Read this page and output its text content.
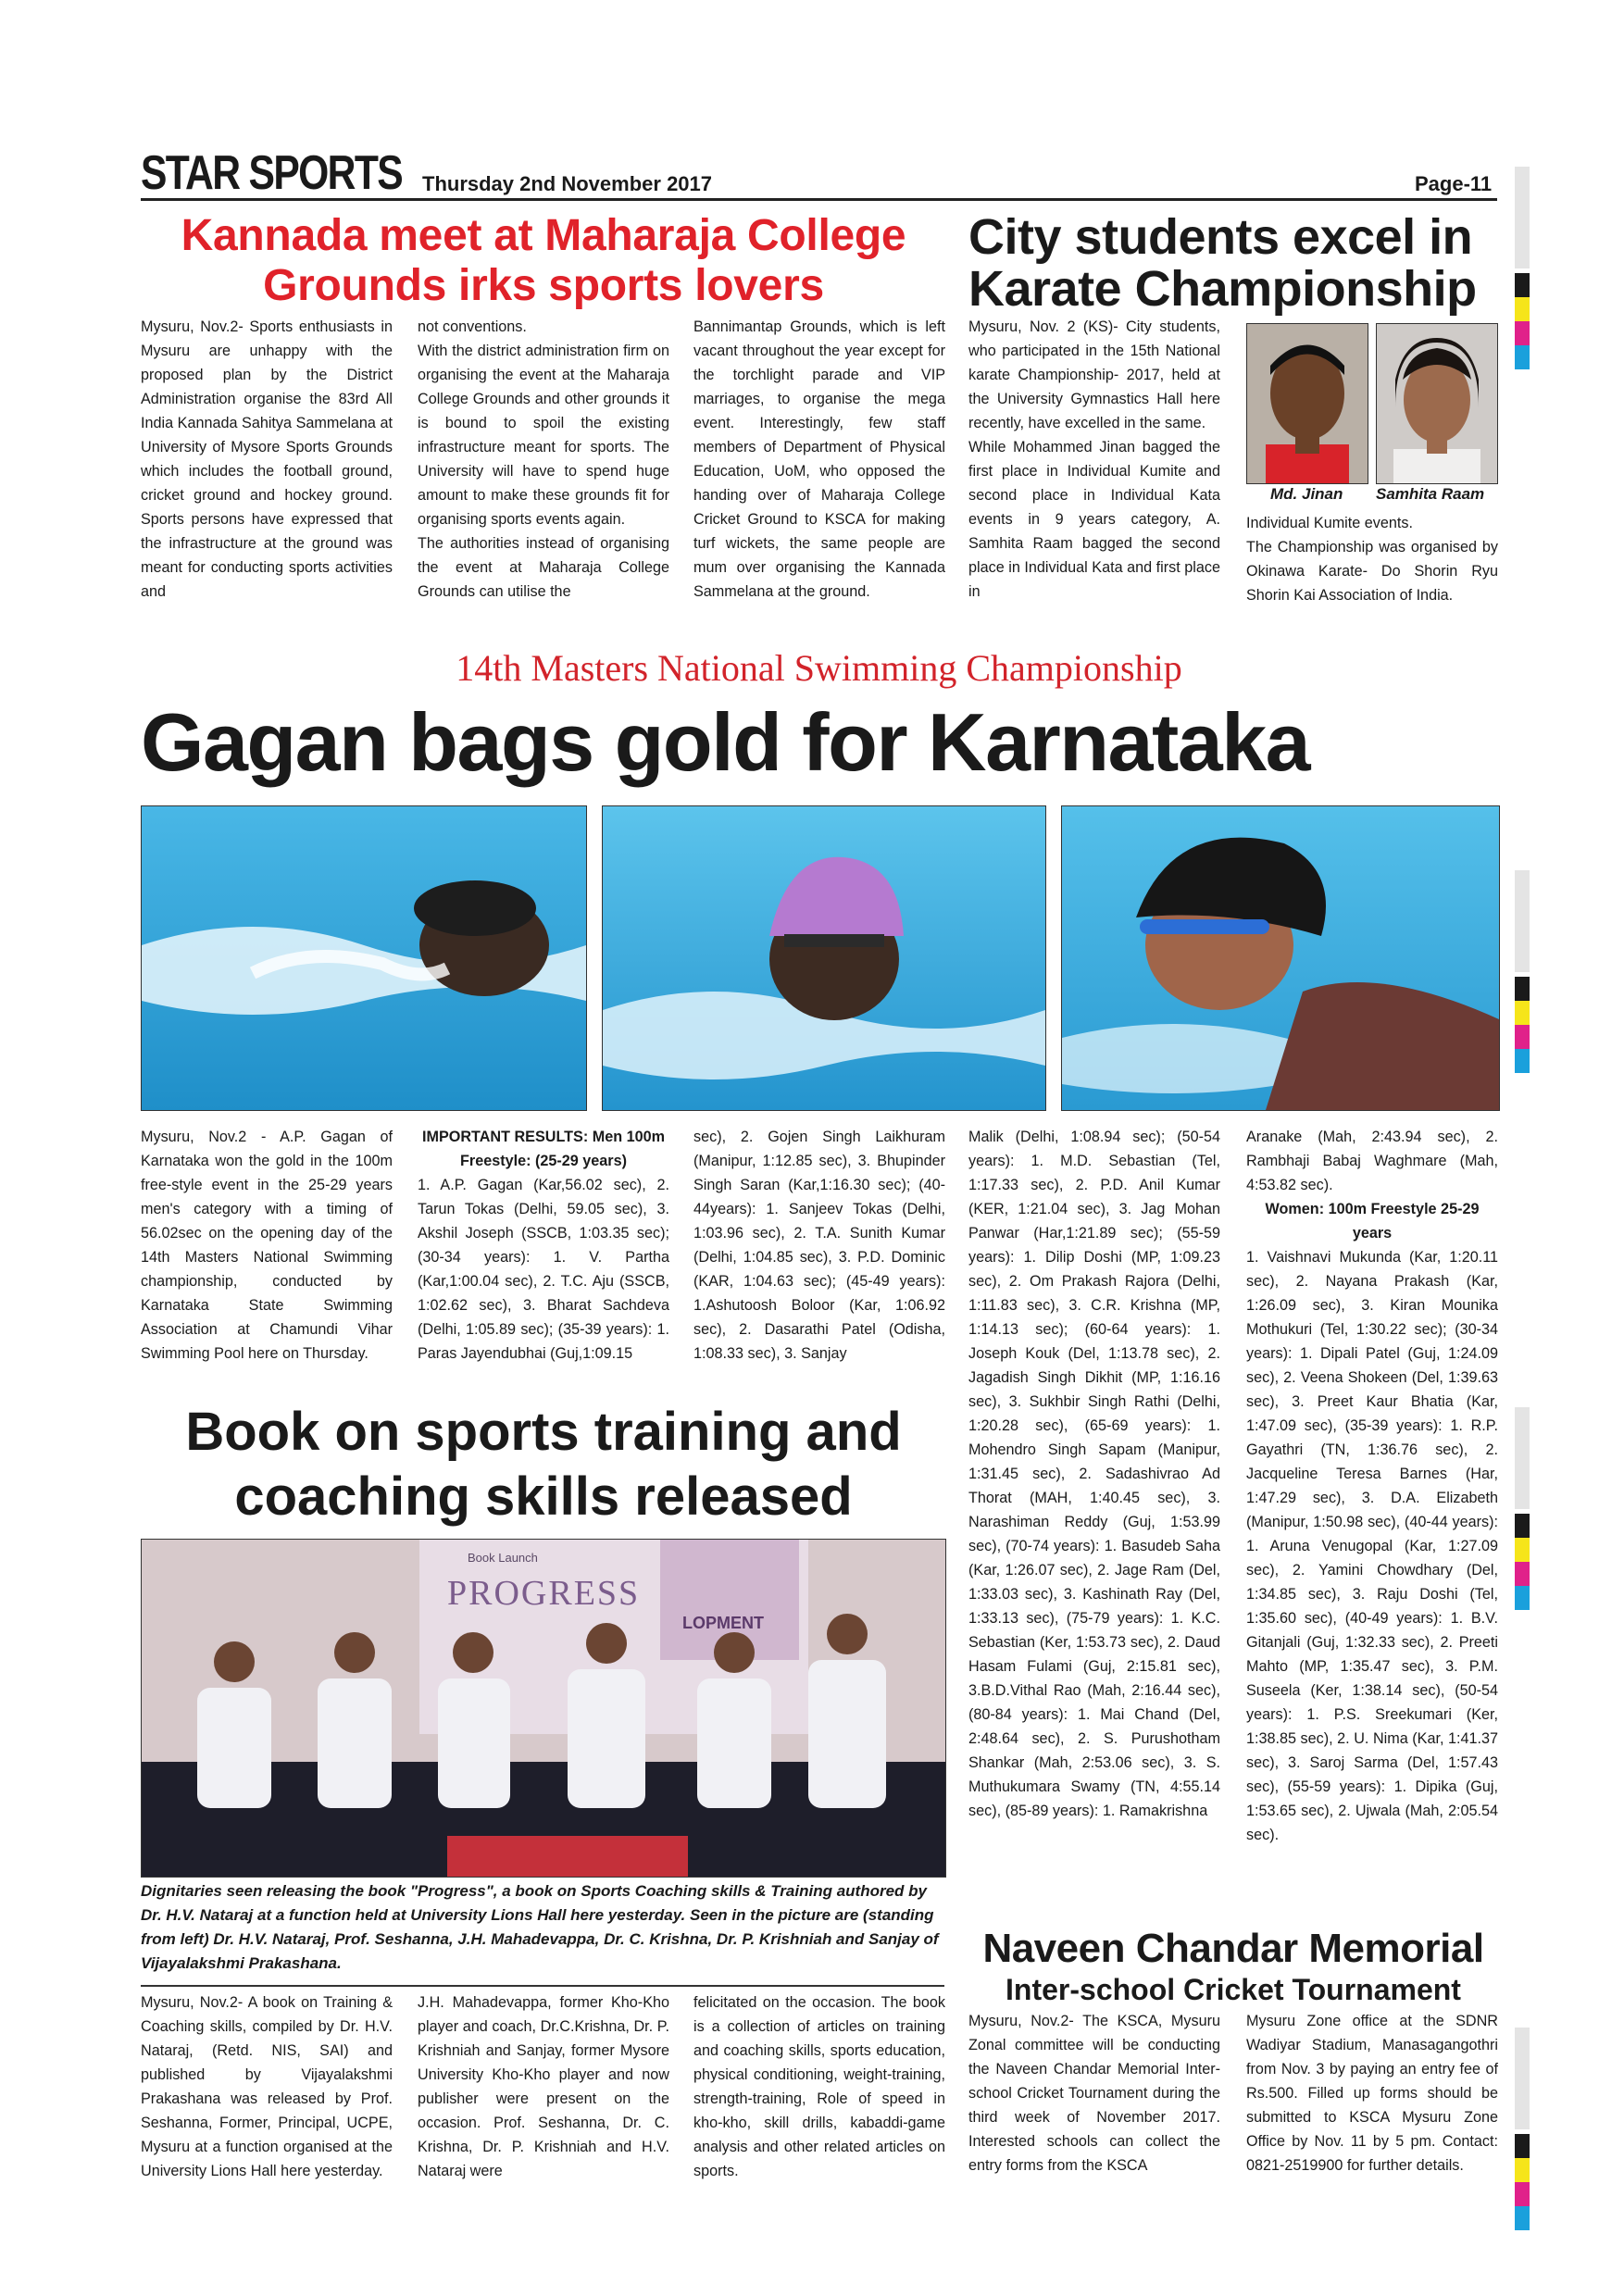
STAR SPORTS Thursday 2nd November 2017	Page-11

Kannada meet at Maharaja College

Grounds irks sports lovers

Mysuru, Nov.2- Sports enthusiasts in Mysuru are unhappy with the proposed plan by the District Administration organise the 83rd All India Kannada Sahitya Sammelana at University of Mysore Sports Grounds which includes the football ground, cricket ground and hockey ground. Sports persons have expressed that the infrastructure at the ground was meant for conducting sports activities and

not conventions.
With the district administration firm on organising the event at the Maharaja College Grounds and other grounds it is bound to spoil the existing infrastructure meant for sports. The University will have to spend huge amount to make these grounds fit for organising sports events again.
The authorities instead of organising the event at Maharaja College Grounds can utilise the

Bannimantap Grounds, which is left vacant throughout the year except for the torchlight parade and VIP marriages, to organise the mega event. Interestingly, few staff members of Department of Physical Education, UoM, who opposed the handing over of Maharaja College Cricket Ground to KSCA for making turf wickets, the same people are mum over organising the Kannada Sammelana at the ground.

City students excel in

Karate Championship

Mysuru, Nov. 2 (KS)- City students, who participated in the 15th National karate Championship- 2017, held at the University Gymnastics Hall here recently, have excelled in the same.
While Mohammed Jinan bagged the first place in Individual Kumite and second place in Individual Kata events in 9 years category, A. Samhita Raam bagged the second place in Individual Kata and first place in

Md. Jinan Samhita Raam

Individual Kumite events.
The Championship was organised by Okinawa Karate- Do Shorin Ryu Shorin Kai Association of India.

14th Masters National Swimming Championship
Gagan bags gold for Karnataka

Mysuru, Nov.2 - A.P. Gagan of Karnataka won the gold in the 100m free-style event in the 25-29 years men's category with a timing of 56.02sec on the opening day of the 14th Masters National Swimming championship, conducted by Karnataka State Swimming Association at Chamundi Vihar Swimming Pool here on Thursday.

IMPORTANT RESULTS: Men 100m Freestyle: (25-29 years)

1. A.P. Gagan (Kar,56.02 sec), 2. Tarun Tokas (Delhi, 59.05 sec), 3. Akshil Joseph (SSCB, 1:03.35 sec); (30-34 years): 1. V. Partha (Kar,1:00.04 sec), 2. T.C. Aju (SSCB, 1:02.62 sec), 3. Bharat Sachdeva (Delhi, 1:05.89 sec); (35-39 years): 1. Paras Jayendubhai (Guj,1:09.15

sec), 2. Gojen Singh Laikhuram (Manipur, 1:12.85 sec), 3. Bhupinder Singh Saran (Kar,1:16.30 sec); (40-44years): 1. Sanjeev Tokas (Delhi, 1:03.96 sec), 2. T.A. Sunith Kumar (Delhi, 1:04.85 sec), 3. P.D. Dominic (KAR, 1:04.63 sec); (45-49 years): 1.Ashutoosh Boloor (Kar, 1:06.92 sec), 2. Dasarathi Patel (Odisha, 1:08.33 sec), 3. Sanjay

Malik (Delhi, 1:08.94 sec); (50-54 years): 1. M.D. Sebastian (Tel, 1:17.33 sec), 2. P.D. Anil Kumar (KER, 1:21.04 sec), 3. Jag Mohan Panwar (Har,1:21.89 sec); (55-59 years): 1. Dilip Doshi (MP, 1:09.23 sec), 2. Om Prakash Rajora (Delhi, 1:11.83 sec), 3. C.R. Krishna (MP, 1:14.13 sec); (60-64 years): 1. Joseph Kouk (Del, 1:13.78 sec), 2. Jagadish Singh Dikhit (MP, 1:16.16 sec), 3. Sukhbir Singh Rathi (Delhi, 1:20.28 sec), (65-69 years): 1. Mohendro Singh Sapam (Manipur, 1:31.45 sec), 2. Sadashivrao Ad Thorat (MAH, 1:40.45 sec), 3. Narashiman Reddy (Guj, 1:53.99 sec), (70-74 years): 1. Basudeb Saha (Kar, 1:26.07 sec), 2. Jage Ram (Del, 1:33.03 sec), 3. Kashinath Ray (Del, 1:33.13 sec), (75-79 years): 1. K.C. Sebastian (Ker, 1:53.73 sec), 2. Daud Hasam Fulami (Guj, 2:15.81 sec), 3.B.D.Vithal Rao (Mah, 2:16.44 sec), (80-84 years): 1. Mai Chand (Del, 2:48.64 sec), 2. S. Purushotham Shankar (Mah, 2:53.06 sec), 3. S. Muthukumara Swamy (TN, 4:55.14 sec), (85-89 years): 1. Ramakrishna

Aranake (Mah, 2:43.94 sec), 2. Rambhaji Babaj Waghmare (Mah, 4:53.82 sec).

Women: 100m Freestyle 25-29 years

1. Vaishnavi Mukunda (Kar, 1:20.11 sec), 2. Nayana Prakash (Kar, 1:26.09 sec), 3. Kiran Mounika Mothukuri (Tel, 1:30.22 sec); (30-34 years): 1. Dipali Patel (Guj, 1:24.09 sec), 2. Veena Shokeen (Del, 1:39.63 sec), 3. Preet Kaur Bhatia (Kar, 1:47.09 sec), (35-39 years): 1. R.P. Gayathri (TN, 1:36.76 sec), 2. Jacqueline Teresa Barnes (Har, 1:47.29 sec), 3. D.A. Elizabeth (Manipur, 1:50.98 sec), (40-44 years): 1. Aruna Venugopal (Kar, 1:27.09 sec), 2. Yamini Chowdhary (Del, 1:34.85 sec), 3. Raju Doshi (Tel, 1:35.60 sec), (40-49 years): 1. B.V. Gitanjali (Guj, 1:32.33 sec), 2. Preeti Mahto (MP, 1:35.47 sec), 3. P.M. Suseela (Ker, 1:38.14 sec), (50-54 years): 1. P.S. Sreekumari (Ker, 1:38.85 sec), 2. U. Nima (Kar, 1:41.37 sec), 3. Saroj Sarma (Del, 1:57.43 sec), (55-59 years): 1. Dipika (Guj, 1:53.65 sec), 2. Ujwala (Mah, 2:05.54 sec).

Book on sports training and

coaching skills released

PROGRESS
Book Launch
LOPMENT

Dignitaries seen releasing the book "Progress", a book on Sports Coaching skills & Training authored by Dr. H.V. Nataraj at a function held at University Lions Hall here yesterday. Seen in the picture are (standing from left) Dr. H.V. Nataraj, Prof. Seshanna, J.H. Mahadevappa, Dr. C. Krishna, Dr. P. Krishniah and Sanjay of Vijayalakshmi Prakashana.

Mysuru, Nov.2- A book on Training & Coaching skills, compiled by Dr. H.V. Nataraj, (Retd. NIS, SAI) and published by Vijayalakshmi Prakashana was released by Prof. Seshanna, Former, Principal, UCPE, Mysuru at a function organised at the University Lions Hall here yesterday.

J.H. Mahadevappa, former Kho-Kho player and coach, Dr.C.Krishna, Dr. P. Krishniah and Sanjay, former Mysore University Kho-Kho player and now publisher were present on the occasion. Prof. Seshanna, Dr. C. Krishna, Dr. P. Krishniah and H.V. Nataraj were

felicitated on the occasion. The book is a collection of articles on training and coaching skills, sports education, physical conditioning, weight-training, strength-training, Role of speed in kho-kho, skill drills, kabaddi-game analysis and other related articles on sports.

Naveen Chandar Memorial

Inter-school Cricket Tournament

Mysuru, Nov.2- The KSCA, Mysuru Zonal committee will be conducting the Naveen Chandar Memorial Inter-school Cricket Tournament during the third week of November 2017. Interested schools can collect the entry forms from the KSCA

Mysuru Zone office at the SDNR Wadiyar Stadium, Manasagangothri from Nov. 3 by paying an entry fee of Rs.500. Filled up forms should be submitted to KSCA Mysuru Zone Office by Nov. 11 by 5 pm. Contact: 0821-2519900 for further details.
